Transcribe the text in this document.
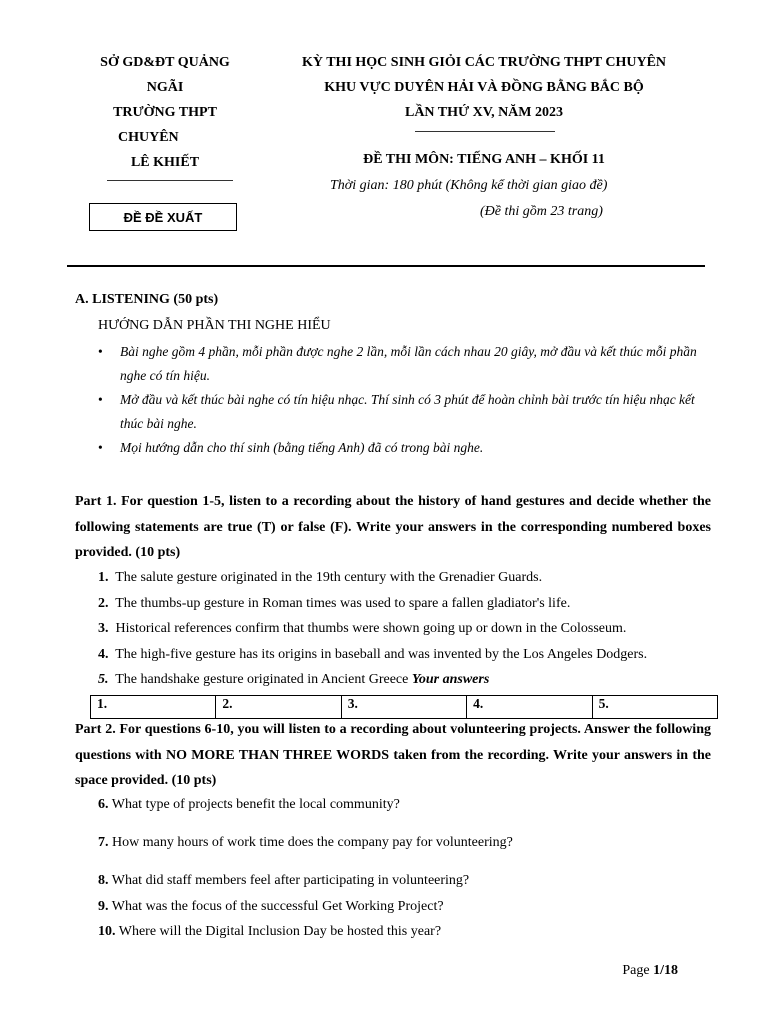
SỞ GD&ĐT QUẢNG
NGÃI
TRƯỜNG THPT
CHUYÊN
LÊ KHIẾT
ĐỀ ĐỀ XUẤT
KỲ THI HỌC SINH GIỎI CÁC TRƯỜNG THPT CHUYÊN
KHU VỰC DUYÊN HẢI VÀ ĐỒNG BẰNG BẮC BỘ
LẦN THỨ XV, NĂM 2023
ĐỀ THI MÔN: TIẾNG ANH – KHỐI 11
Thời gian: 180 phút (Không kể thời gian giao đề)
(Đề thi gồm 23 trang)
A. LISTENING (50 pts)
HƯỚNG DẪN PHẦN THI NGHE HIỂU
• Bài nghe gồm 4 phần, mỗi phần được nghe 2 lần, mỗi lần cách nhau 20 giây, mở đầu và kết thúc mỗi phần nghe có tín hiệu.
• Mở đầu và kết thúc bài nghe có tín hiệu nhạc. Thí sinh có 3 phút để hoàn chỉnh bài trước tín hiệu nhạc kết thúc bài nghe.
• Mọi hướng dẫn cho thí sinh (bằng tiếng Anh) đã có trong bài nghe.
Part 1. For question 1-5, listen to a recording about the history of hand gestures and decide whether the following statements are true (T) or false (F). Write your answers in the corresponding numbered boxes provided. (10 pts)
1. The salute gesture originated in the 19th century with the Grenadier Guards.
2. The thumbs-up gesture in Roman times was used to spare a fallen gladiator's life.
3. Historical references confirm that thumbs were shown going up or down in the Colosseum.
4. The high-five gesture has its origins in baseball and was invented by the Los Angeles Dodgers.
5. The handshake gesture originated in Ancient Greece Your answers
1.	2.	3.	4.	5.
Part 2. For questions 6-10, you will listen to a recording about volunteering projects. Answer the following questions with NO MORE THAN THREE WORDS taken from the recording. Write your answers in the space provided. (10 pts)
6. What type of projects benefit the local community?
7. How many hours of work time does the company pay for volunteering?
8. What did staff members feel after participating in volunteering?
9. What was the focus of the successful Get Working Project?
10. Where will the Digital Inclusion Day be hosted this year?
Page 1/18
